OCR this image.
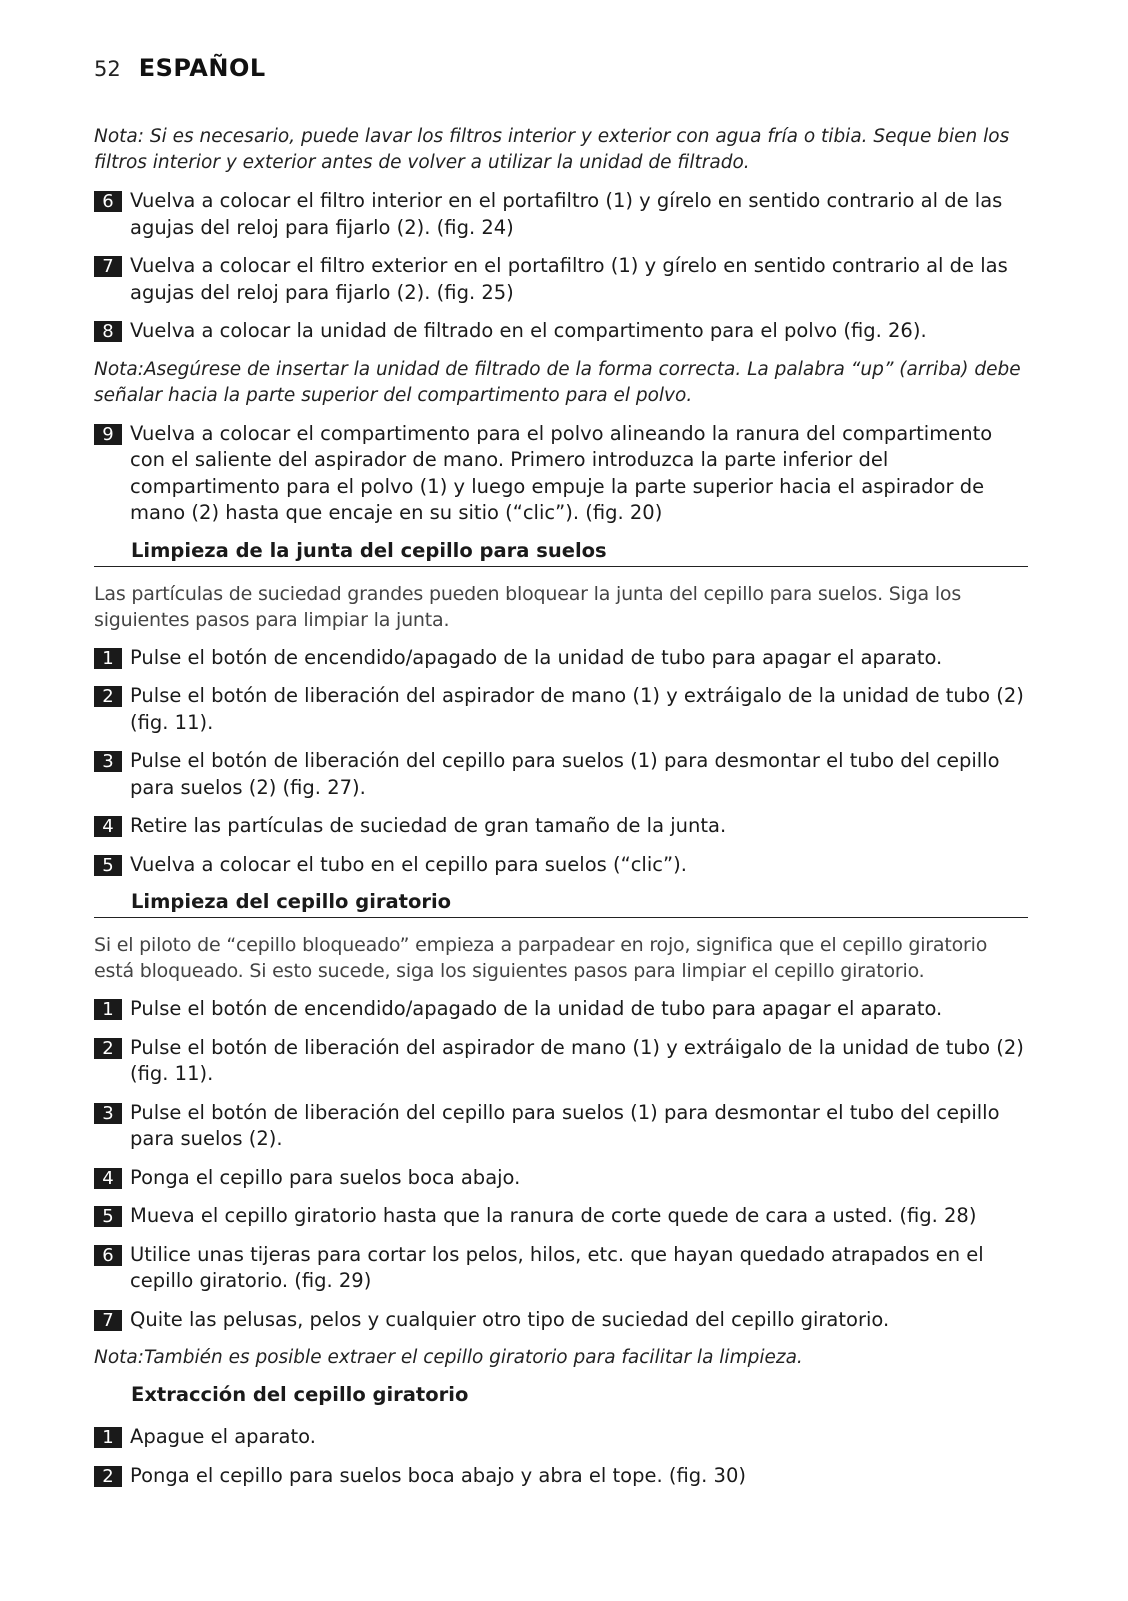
52 ESPAÑOL

Nota: Si es necesario, puede lavar los filtros interior y exterior con agua fría o tibia. Seque bien los filtros interior y exterior antes de volver a utilizar la unidad de filtrado.

6 Vuelva a colocar el filtro interior en el portafiltro (1) y gírelo en sentido contrario al de las agujas del reloj para fijarlo (2). (fig. 24)
7 Vuelva a colocar el filtro exterior en el portafiltro (1) y gírelo en sentido contrario al de las agujas del reloj para fijarlo (2). (fig. 25)
8 Vuelva a colocar la unidad de filtrado en el compartimento para el polvo (fig. 26).

Nota:Asegúrese de insertar la unidad de filtrado de la forma correcta. La palabra “up” (arriba) debe señalar hacia la parte superior del compartimento para el polvo.

9 Vuelva a colocar el compartimento para el polvo alineando la ranura del compartimento con el saliente del aspirador de mano. Primero introduzca la parte inferior del compartimento para el polvo (1) y luego empuje la parte superior hacia el aspirador de mano (2) hasta que encaje en su sitio (“clic”). (fig. 20)
Limpieza de la junta del cepillo para suelos

Las partículas de suciedad grandes pueden bloquear la junta del cepillo para suelos. Siga los siguientes pasos para limpiar la junta.

1 Pulse el botón de encendido/apagado de la unidad de tubo para apagar el aparato.
2 Pulse el botón de liberación del aspirador de mano (1) y extráigalo de la unidad de tubo (2) (fig. 11).
3 Pulse el botón de liberación del cepillo para suelos (1) para desmontar el tubo del cepillo para suelos (2) (fig. 27).
4 Retire las partículas de suciedad de gran tamaño de la junta.
5 Vuelva a colocar el tubo en el cepillo para suelos (“clic”).
Limpieza del cepillo giratorio

Si el piloto de “cepillo bloqueado” empieza a parpadear en rojo, significa que el cepillo giratorio está bloqueado. Si esto sucede, siga los siguientes pasos para limpiar el cepillo giratorio.

1 Pulse el botón de encendido/apagado de la unidad de tubo para apagar el aparato.
2 Pulse el botón de liberación del aspirador de mano (1) y extráigalo de la unidad de tubo (2) (fig. 11).
3 Pulse el botón de liberación del cepillo para suelos (1) para desmontar el tubo del cepillo para suelos (2).
4 Ponga el cepillo para suelos boca abajo.
5 Mueva el cepillo giratorio hasta que la ranura de corte quede de cara a usted. (fig. 28)
6 Utilice unas tijeras para cortar los pelos, hilos, etc. que hayan quedado atrapados en el cepillo giratorio. (fig. 29)
7 Quite las pelusas, pelos y cualquier otro tipo de suciedad del cepillo giratorio.

Nota:También es posible extraer el cepillo giratorio para facilitar la limpieza.

Extracción del cepillo giratorio
1 Apague el aparato.
2 Ponga el cepillo para suelos boca abajo y abra el tope. (fig. 30)
